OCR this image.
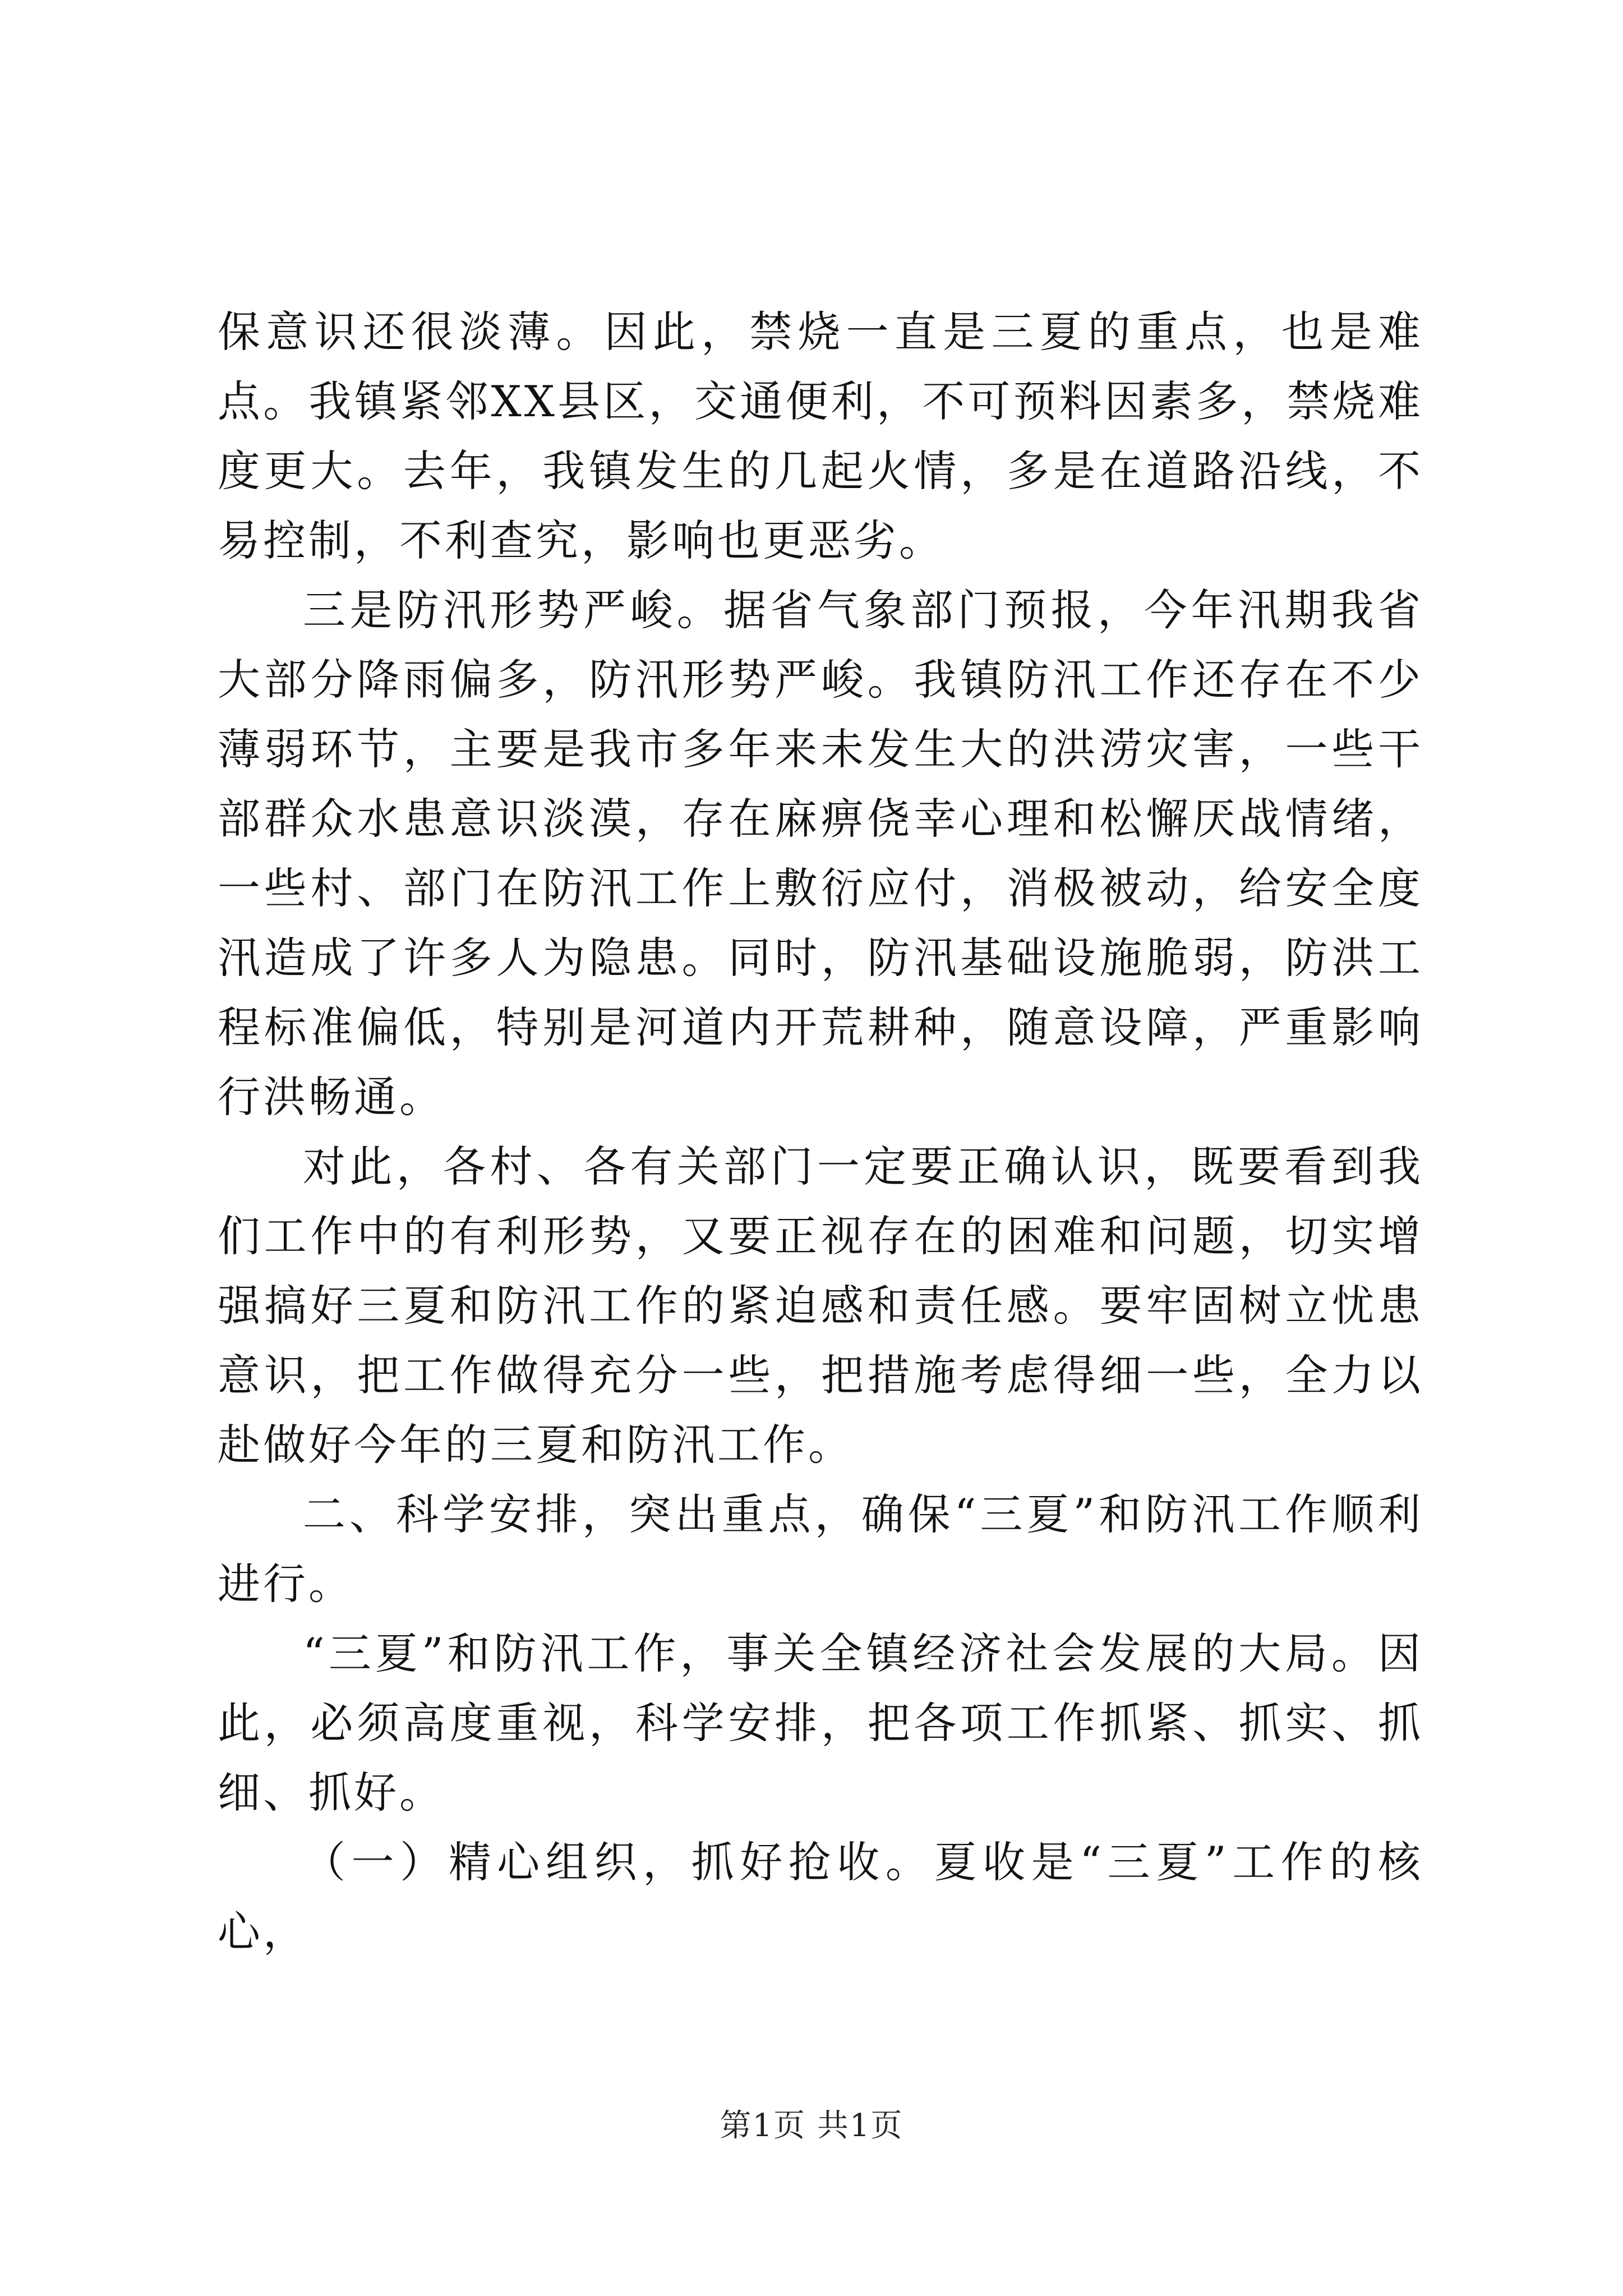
保意识还很淡薄。因此，禁烧一直是三夏的重点，也是难点。我镇紧邻XX县区，交通便利，不可预料因素多，禁烧难度更大。去年，我镇发生的几起火情，多是在道路沿线，不易控制，不利查究，影响也更恶劣。

三是防汛形势严峻。据省气象部门预报，今年汛期我省大部分降雨偏多，防汛形势严峻。我镇防汛工作还存在不少薄弱环节，主要是我市多年来未发生大的洪涝灾害，一些干部群众水患意识淡漠，存在麻痹侥幸心理和松懈厌战情绪，一些村、部门在防汛工作上敷衍应付，消极被动，给安全度汛造成了许多人为隐患。同时，防汛基础设施脆弱，防洪工程标准偏低，特别是河道内开荒耕种，随意设障，严重影响行洪畅通。

对此，各村、各有关部门一定要正确认识，既要看到我们工作中的有利形势，又要正视存在的困难和问题，切实增强搞好三夏和防汛工作的紧迫感和责任感。要牢固树立忧患意识，把工作做得充分一些，把措施考虑得细一些，全力以赴做好今年的三夏和防汛工作。

二、科学安排，突出重点，确保“三夏”和防汛工作顺利进行。

“三夏”和防汛工作，事关全镇经济社会发展的大局。因此，必须高度重视，科学安排，把各项工作抓紧、抓实、抓细、抓好。

（一）精心组织，抓好抢收。夏收是“三夏”工作的核心，

第1页 共1页
